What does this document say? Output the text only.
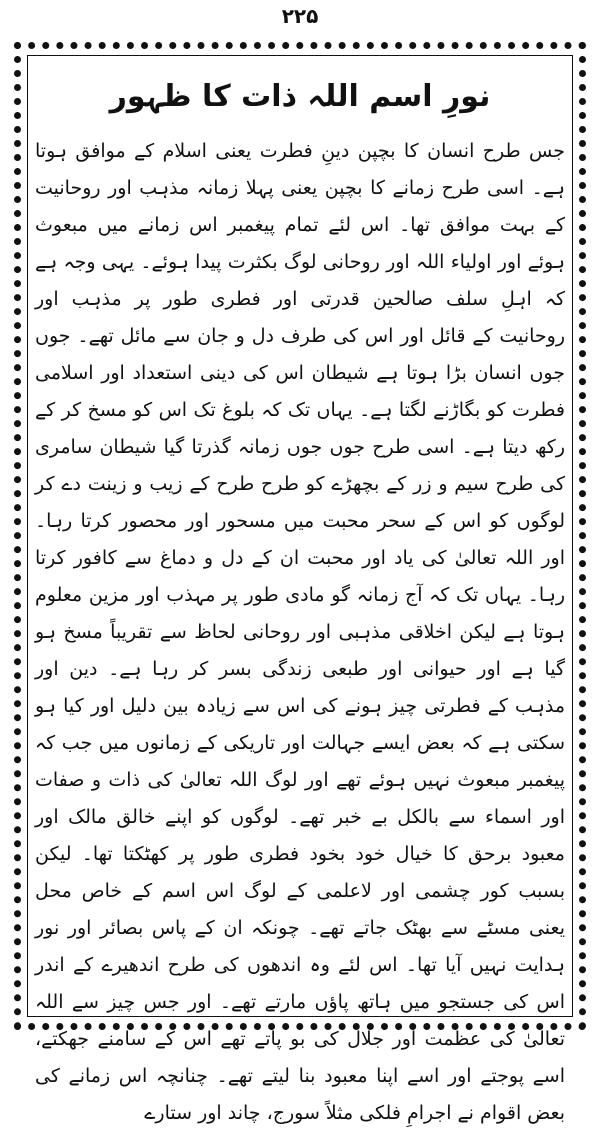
۲۲۵
نورِ اسم اللہ ذات کا ظہور

جس طرح انسان کا بچپن دینِ فطرت یعنی اسلام کے موافق ہوتا ہے۔ اسی طرح زمانے کا بچپن یعنی پہلا زمانہ مذہب اور روحانیت کے بہت موافق تھا۔ اس لئے تمام پیغمبر اس زمانے میں مبعوث ہوئے اور اولیاء اللہ اور روحانی لوگ بکثرت پیدا ہوئے۔ یہی وجہ ہے کہ اہلِ سلف صالحین قدرتی اور فطری طور پر مذہب اور روحانیت کے قائل اور اس کی طرف دل و جان سے مائل تھے۔ جوں جوں انسان بڑا ہوتا ہے شیطان اس کی دینی استعداد اور اسلامی فطرت کو بگاڑنے لگتا ہے۔ یہاں تک کہ بلوغ تک اس کو مسخ کر کے رکھ دیتا ہے۔ اسی طرح جوں جوں زمانہ گذرتا گیا شیطان سامری کی طرح سیم و زر کے بچھڑے کو طرح طرح کے زیب و زینت دے کر لوگوں کو اس کے سحر محبت میں مسحور اور محصور کرتا رہا۔ اور اللہ تعالیٰ کی یاد اور محبت ان کے دل و دماغ سے کافور کرتا رہا۔ یہاں تک کہ آج زمانہ گو مادی طور پر مہذب اور مزین معلوم ہوتا ہے لیکن اخلاقی مذہبی اور روحانی لحاظ سے تقریباً مسخ ہو گیا ہے اور حیوانی اور طبعی زندگی بسر کر رہا ہے۔ دین اور مذہب کے فطرتی چیز ہونے کی اس سے زیادہ بین دلیل اور کیا ہو سکتی ہے کہ بعض ایسے جہالت اور تاریکی کے زمانوں میں جب کہ پیغمبر مبعوث نہیں ہوئے تھے اور لوگ اللہ تعالیٰ کی ذات و صفات اور اسماء سے بالکل بے خبر تھے۔ لوگوں کو اپنے خالق مالک اور معبود برحق کا خیال خود بخود فطری طور پر کھٹکتا تھا۔ لیکن بسبب کور چشمی اور لاعلمی کے لوگ اس اسم کے خاص محل یعنی مسٹے سے بھٹک جاتے تھے۔ چونکہ ان کے پاس بصائر اور نور ہدایت نہیں آیا تھا۔ اس لئے وہ اندھوں کی طرح اندھیرے کے اندر اس کی جستجو میں ہاتھ پاؤں مارتے تھے۔ اور جس چیز سے اللہ تعالیٰ کی عظمت اور جلال کی بو پاتے تھے اس کے سامنے جھکتے، اسے پوجتے اور اسے اپنا معبود بنا لیتے تھے۔ چنانچہ اس زمانے کی بعض اقوام نے اجرامِ فلکی مثلاً سورج، چاند اور ستارے
